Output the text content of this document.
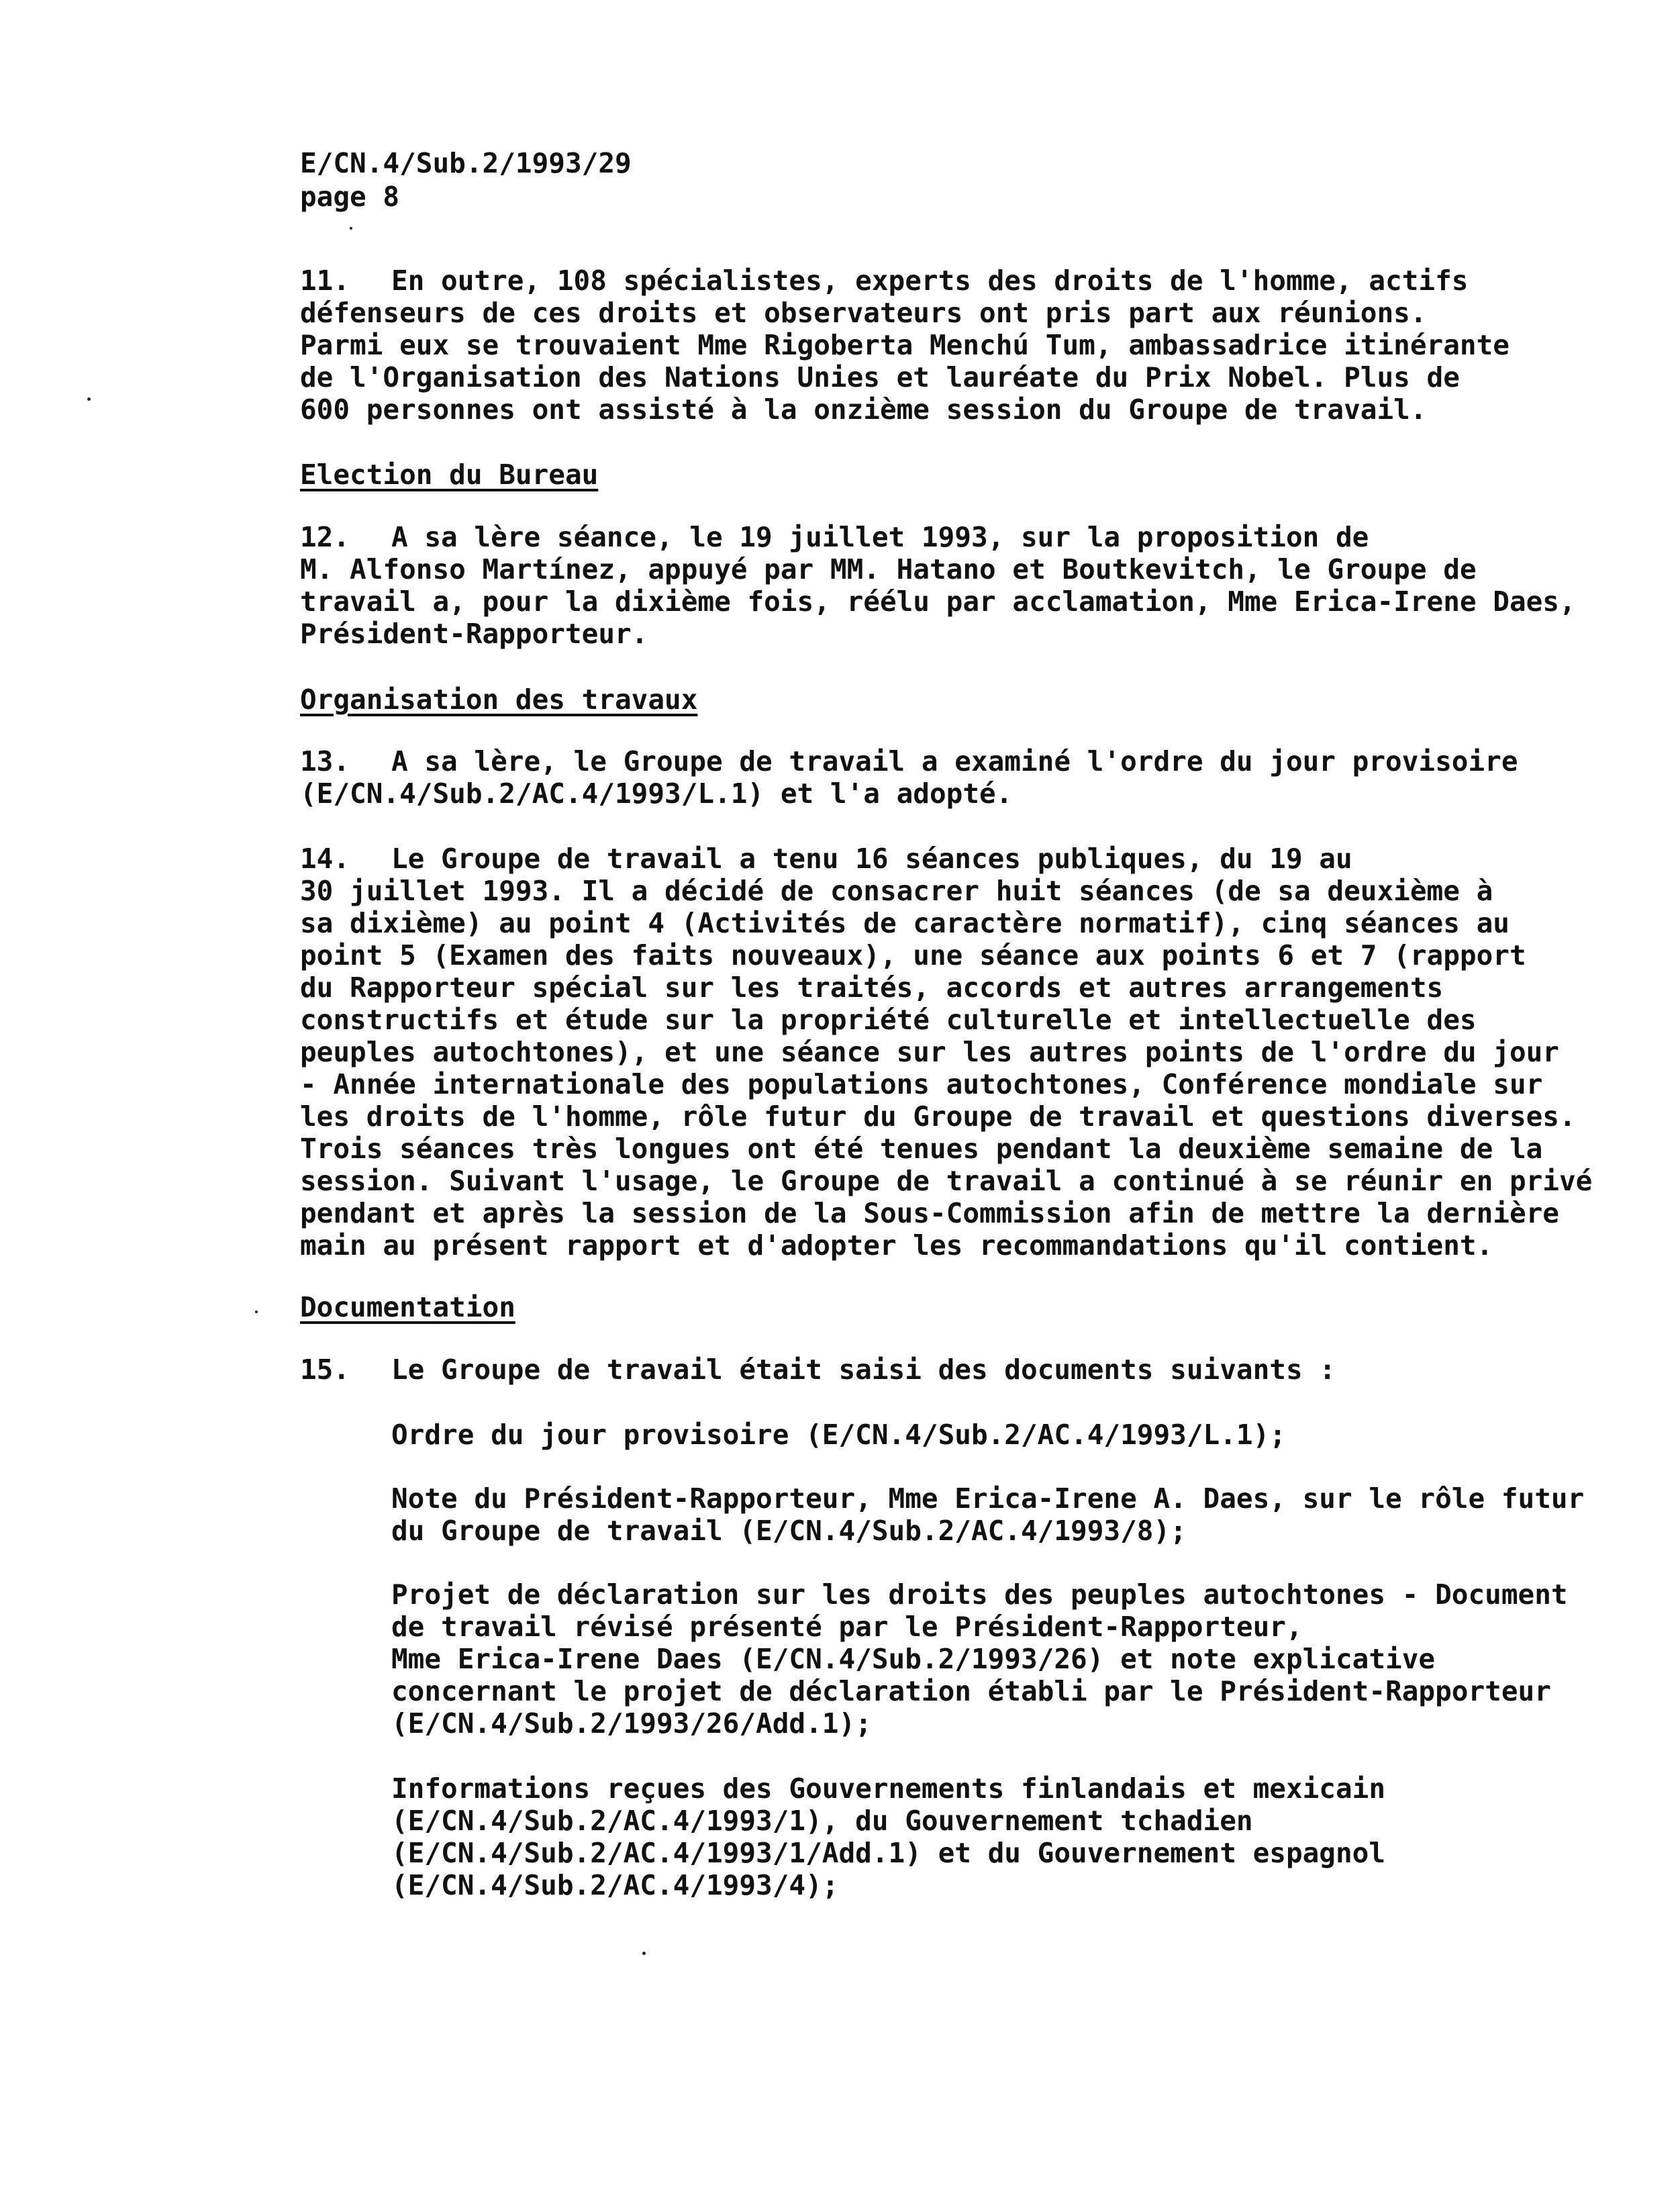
E/CN.4/Sub.2/1993/29
page 8
11. En outre, 108 spécialistes, experts des droits de l'homme, actifs
défenseurs de ces droits et observateurs ont pris part aux réunions.
Parmi eux se trouvaient Mme Rigoberta Menchú Tum, ambassadrice itinérante
de l'Organisation des Nations Unies et lauréate du Prix Nobel. Plus de
600 personnes ont assisté à la onzième session du Groupe de travail.
Election du Bureau
12. A sa lère séance, le 19 juillet 1993, sur la proposition de
M. Alfonso Martínez, appuyé par MM. Hatano et Boutkevitch, le Groupe de
travail a, pour la dixième fois, réélu par acclamation, Mme Erica-Irene Daes,
Président-Rapporteur.
Organisation des travaux
13. A sa lère, le Groupe de travail a examiné l'ordre du jour provisoire
(E/CN.4/Sub.2/AC.4/1993/L.1) et l'a adopté.
14. Le Groupe de travail a tenu 16 séances publiques, du 19 au
30 juillet 1993. Il a décidé de consacrer huit séances (de sa deuxième à
sa dixième) au point 4 (Activités de caractère normatif), cinq séances au
point 5 (Examen des faits nouveaux), une séance aux points 6 et 7 (rapport
du Rapporteur spécial sur les traités, accords et autres arrangements
constructifs et étude sur la propriété culturelle et intellectuelle des
peuples autochtones), et une séance sur les autres points de l'ordre du jour
- Année internationale des populations autochtones, Conférence mondiale sur
les droits de l'homme, rôle futur du Groupe de travail et questions diverses.
Trois séances très longues ont été tenues pendant la deuxième semaine de la
session. Suivant l'usage, le Groupe de travail a continué à se réunir en privé
pendant et après la session de la Sous-Commission afin de mettre la dernière
main au présent rapport et d'adopter les recommandations qu'il contient.
Documentation
15. Le Groupe de travail était saisi des documents suivants :
Ordre du jour provisoire (E/CN.4/Sub.2/AC.4/1993/L.1);
Note du Président-Rapporteur, Mme Erica-Irene A. Daes, sur le rôle futur
du Groupe de travail (E/CN.4/Sub.2/AC.4/1993/8);
Projet de déclaration sur les droits des peuples autochtones - Document
de travail révisé présenté par le Président-Rapporteur,
Mme Erica-Irene Daes (E/CN.4/Sub.2/1993/26) et note explicative
concernant le projet de déclaration établi par le Président-Rapporteur
(E/CN.4/Sub.2/1993/26/Add.1);
Informations reçues des Gouvernements finlandais et mexicain
(E/CN.4/Sub.2/AC.4/1993/1), du Gouvernement tchadien
(E/CN.4/Sub.2/AC.4/1993/1/Add.1) et du Gouvernement espagnol
(E/CN.4/Sub.2/AC.4/1993/4);
